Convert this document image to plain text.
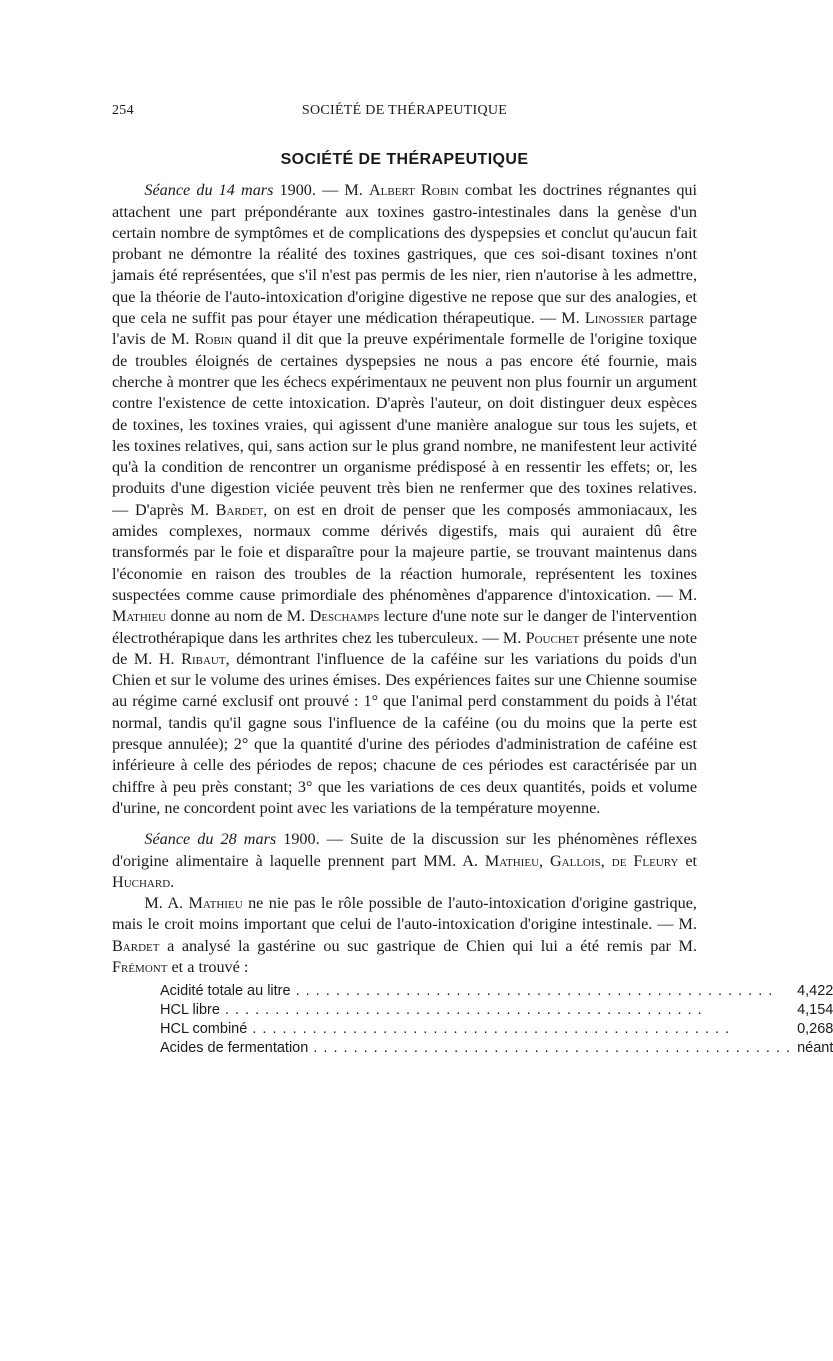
254	SOCIÉTÉ DE THÉRAPEUTIQUE
SOCIÉTÉ DE THÉRAPEUTIQUE

Séance du 14 mars 1900. — M. Albert Robin combat les doctrines régnantes qui attachent une part prépondérante aux toxines gastro-intestinales dans la genèse d'un certain nombre de symptômes et de complications des dyspepsies et conclut qu'aucun fait probant ne démontre la réalité des toxines gastriques, que ces soi-disant toxines n'ont jamais été représentées, que s'il n'est pas permis de les nier, rien n'autorise à les admettre, que la théorie de l'auto-intoxication d'origine digestive ne repose que sur des analogies, et que cela ne suffit pas pour étayer une médication thérapeutique. — M. Linossier partage l'avis de M. Robin quand il dit que la preuve expérimentale formelle de l'origine toxique de troubles éloignés de certaines dyspepsies ne nous a pas encore été fournie, mais cherche à montrer que les échecs expérimentaux ne peuvent non plus fournir un argument contre l'existence de cette intoxication. D'après l'auteur, on doit distinguer deux espèces de toxines, les toxines vraies, qui agissent d'une manière analogue sur tous les sujets, et les toxines relatives, qui, sans action sur le plus grand nombre, ne manifestent leur activité qu'à la condition de rencontrer un organisme prédisposé à en ressentir les effets; or, les produits d'une digestion viciée peuvent très bien ne renfermer que des toxines relatives. — D'après M. Bardet, on est en droit de penser que les composés ammoniacaux, les amides complexes, normaux comme dérivés digestifs, mais qui auraient dû être transformés par le foie et disparaître pour la majeure partie, se trouvant maintenus dans l'économie en raison des troubles de la réaction humorale, représentent les toxines suspectées comme cause primordiale des phénomènes d'apparence d'intoxication. — M. Mathieu donne au nom de M. Deschamps lecture d'une note sur le danger de l'intervention électrothérapique dans les arthrites chez les tuberculeux. — M. Pouchet présente une note de M. H. Ribaut, démontrant l'influence de la caféine sur les variations du poids d'un Chien et sur le volume des urines émises. Des expériences faites sur une Chienne soumise au régime carné exclusif ont prouvé : 1° que l'animal perd constamment du poids à l'état normal, tandis qu'il gagne sous l'influence de la caféine (ou du moins que la perte est presque annulée); 2° que la quantité d'urine des périodes d'administration de caféine est inférieure à celle des périodes de repos; chacune de ces périodes est caractérisée par un chiffre à peu près constant; 3° que les variations de ces deux quantités, poids et volume d'urine, ne concordent point avec les variations de la température moyenne.

Séance du 28 mars 1900. — Suite de la discussion sur les phénomènes réflexes d'origine alimentaire à laquelle prennent part MM. A. Mathieu, Gallois, de Fleury et Huchard.

M. A. Mathieu ne nie pas le rôle possible de l'auto-intoxication d'origine gastrique, mais le croit moins important que celui de l'auto-intoxication d'origine intestinale. — M. Bardet a analysé la gastérine ou suc gastrique de Chien qui lui a été remis par M. Frémont et a trouvé :

Acidité totale au litre . . .	4,422
HCL libre . . .	4,154
HCL combiné . . .	0,268
Acides de fermentation . . .	néant
